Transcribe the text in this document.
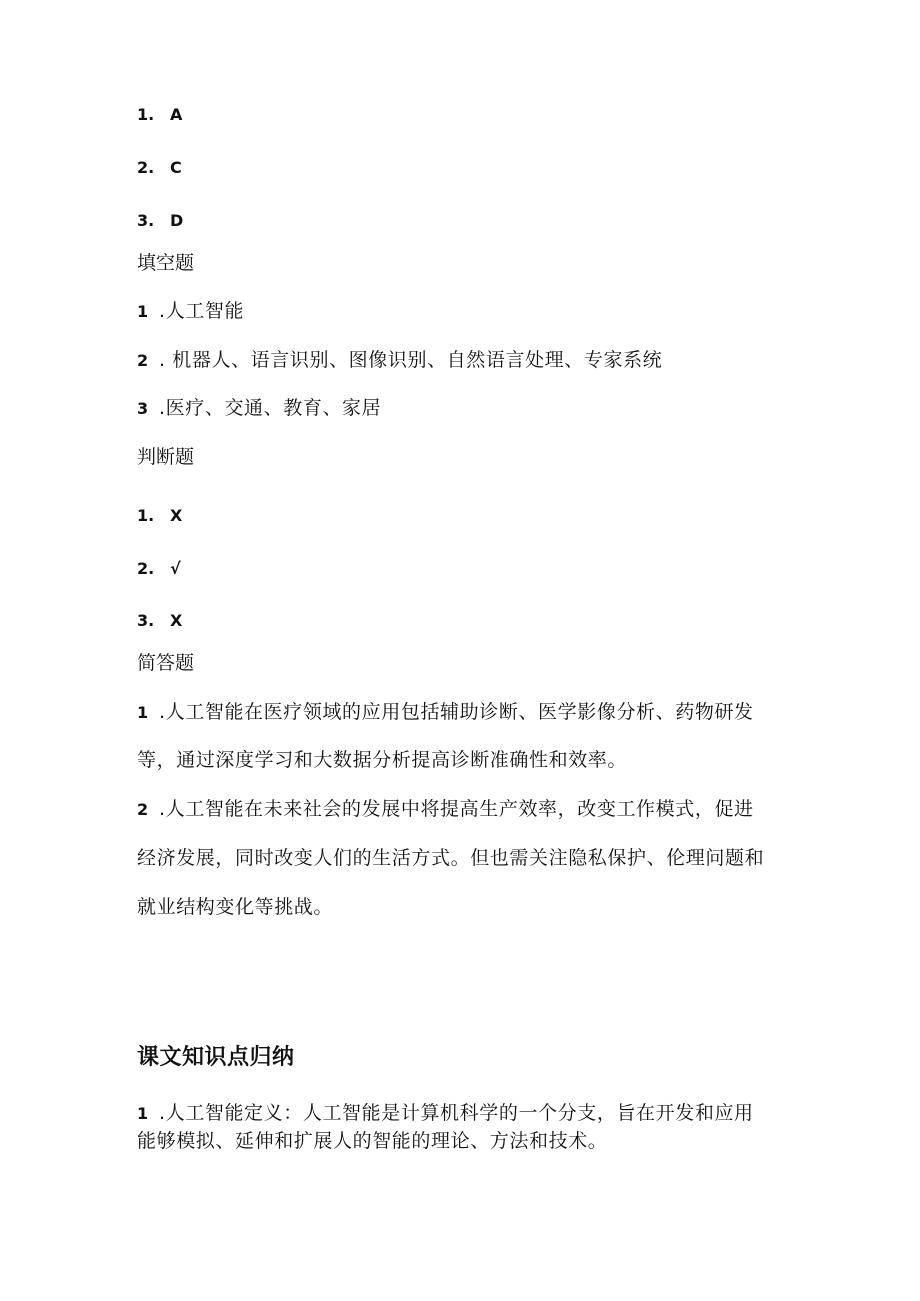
1. A
2. C
3. D
填空题
1 .人工智能
2 . 机器人、语言识别、图像识别、自然语言处理、专家系统
3 .医疗、交通、教育、家居
判断题
1. X
2. √
3. X
简答题
1 .人工智能在医疗领域的应用包括辅助诊断、医学影像分析、药物研发
等，通过深度学习和大数据分析提高诊断准确性和效率。
2 .人工智能在未来社会的发展中将提高生产效率，改变工作模式，促进
经济发展，同时改变人们的生活方式。但也需关注隐私保护、伦理问题和
就业结构变化等挑战。
课文知识点归纳
1 .人工智能定义：人工智能是计算机科学的一个分支，旨在开发和应用
能够模拟、延伸和扩展人的智能的理论、方法和技术。
